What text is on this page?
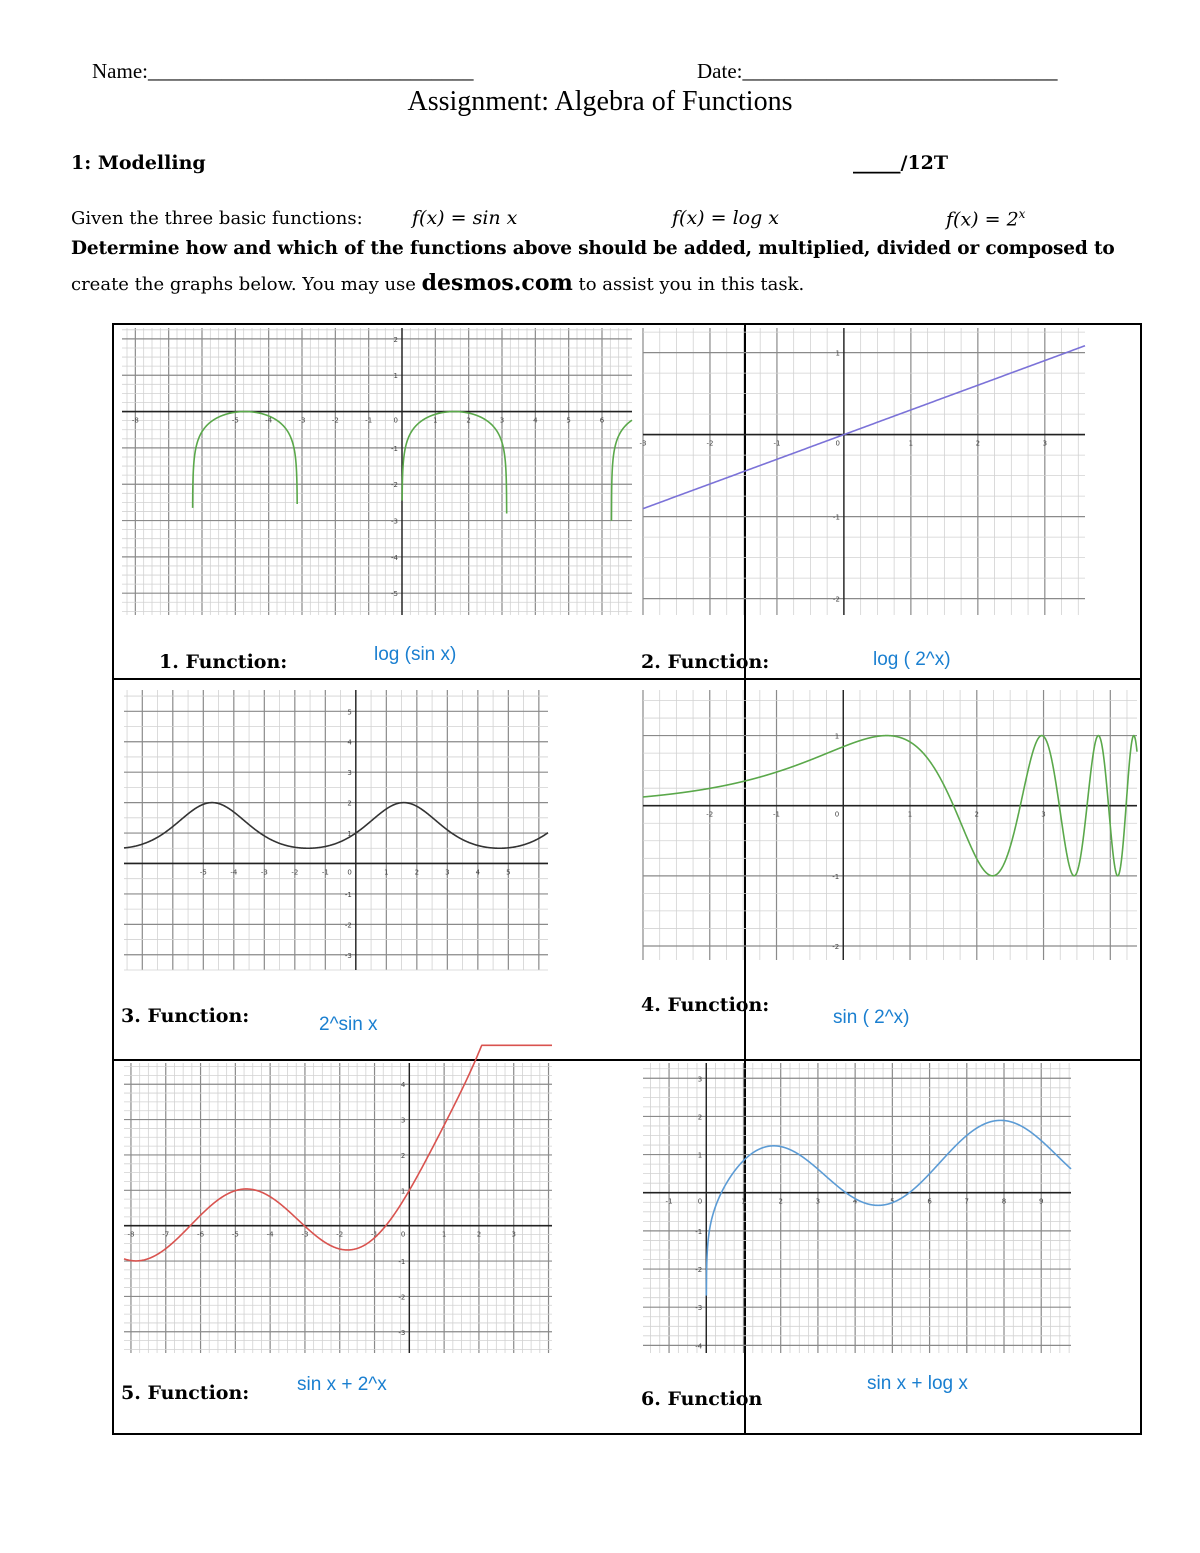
Name:_______________________________	Date:______________________________
Assignment: Algebra of Functions
1: Modelling	_____/12T
Given the three basic functions:	f(x) = sin x	f(x) = log x	$f(x) = 2^x$
Determine how and which of the functions above should be added, multiplied, divided or composed to
create the graphs below. You may use desmos.com to assist you in this task.
-8	-5	-4	-3	-2	-1	1	2	3	4	5	6
2
1
-1
-2
-3
-4
-5
0
-3	-2	-1	1	2	3
1
-1
-2
0
-5	-4	-3	-2	-1	1	2	3	4	5
5
4
3
2
1
-1
-2
-3
0
-2	-1	1	2	3
1
-1
-2
0
-8	-7	-6	-5	-4	-3	-2	-1	1	2	3
4
3
2
1
-1
-2
-3
0
-1	1	2	3	4	5	6	7	8	9
3
2
1
-1
-2
-3
-4
0
1. Function:	log (sin x)	2. Function:	log ( 2^x)
3. Function:	2^sin x
4. Function:
sin ( 2^x)
5. Function:	sin x + 2^x
6. Function
sin x + log x
